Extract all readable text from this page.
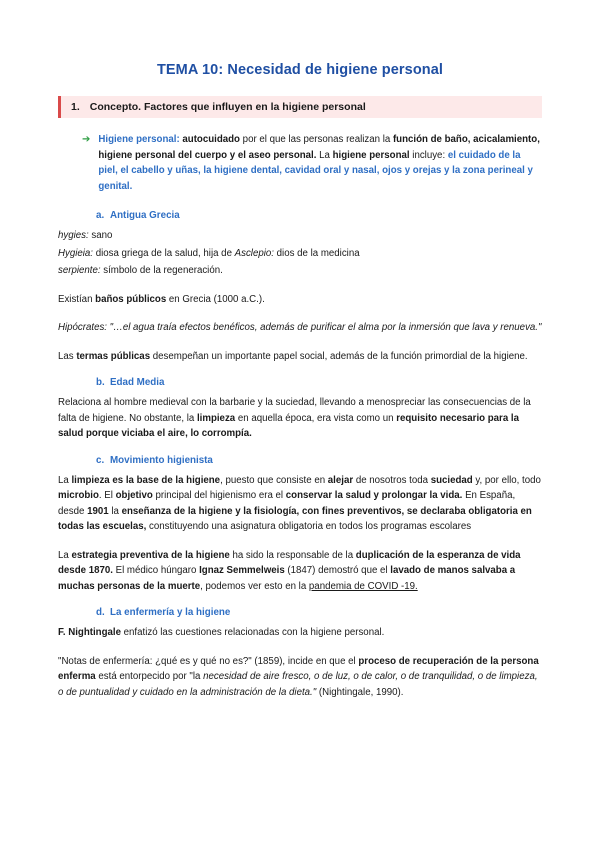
TEMA 10: Necesidad de higiene personal
1. Concepto. Factores que influyen en la higiene personal
➔ Higiene personal: autocuidado por el que las personas realizan la función de baño, acicalamiento, higiene personal del cuerpo y el aseo personal. La higiene personal incluye: el cuidado de la piel, el cabello y uñas, la higiene dental, cavidad oral y nasal, ojos y orejas y la zona perineal y genital.
a. Antigua Grecia

hygies: sano

Hygieia: diosa griega de la salud, hija de Asclepio: dios de la medicina

serpiente: símbolo de la regeneración.

Existían baños públicos en Grecia (1000 a.C.).

Hipócrates: "…el agua traía efectos benéficos, además de purificar el alma por la inmersión que lava y renueva."

Las termas públicas desempeñan un importante papel social, además de la función primordial de la higiene.

b. Edad Media

Relaciona al hombre medieval con la barbarie y la suciedad, llevando a menospreciar las consecuencias de la falta de higiene. No obstante, la limpieza en aquella época, era vista como un requisito necesario para la salud porque viciaba el aire, lo corrompía.

c. Movimiento higienista

La limpieza es la base de la higiene, puesto que consiste en alejar de nosotros toda suciedad y, por ello, todo microbio. El objetivo principal del higienismo era el conservar la salud y prolongar la vida. En España, desde 1901 la enseñanza de la higiene y la fisiología, con fines preventivos, se declaraba obligatoria en todas las escuelas, constituyendo una asignatura obligatoria en todos los programas escolares

La estrategia preventiva de la higiene ha sido la responsable de la duplicación de la esperanza de vida desde 1870. El médico húngaro Ignaz Semmelweis (1847) demostró que el lavado de manos salvaba a muchas personas de la muerte, podemos ver esto en la pandemia de COVID -19.

d. La enfermería y la higiene

F. Nightingale enfatizó las cuestiones relacionadas con la higiene personal.

"Notas de enfermería: ¿qué es y qué no es?" (1859), incide en que el proceso de recuperación de la persona enferma está entorpecido por "la necesidad de aire fresco, o de luz, o de calor, o de tranquilidad, o de limpieza, o de puntualidad y cuidado en la administración de la dieta." (Nightingale, 1990).
